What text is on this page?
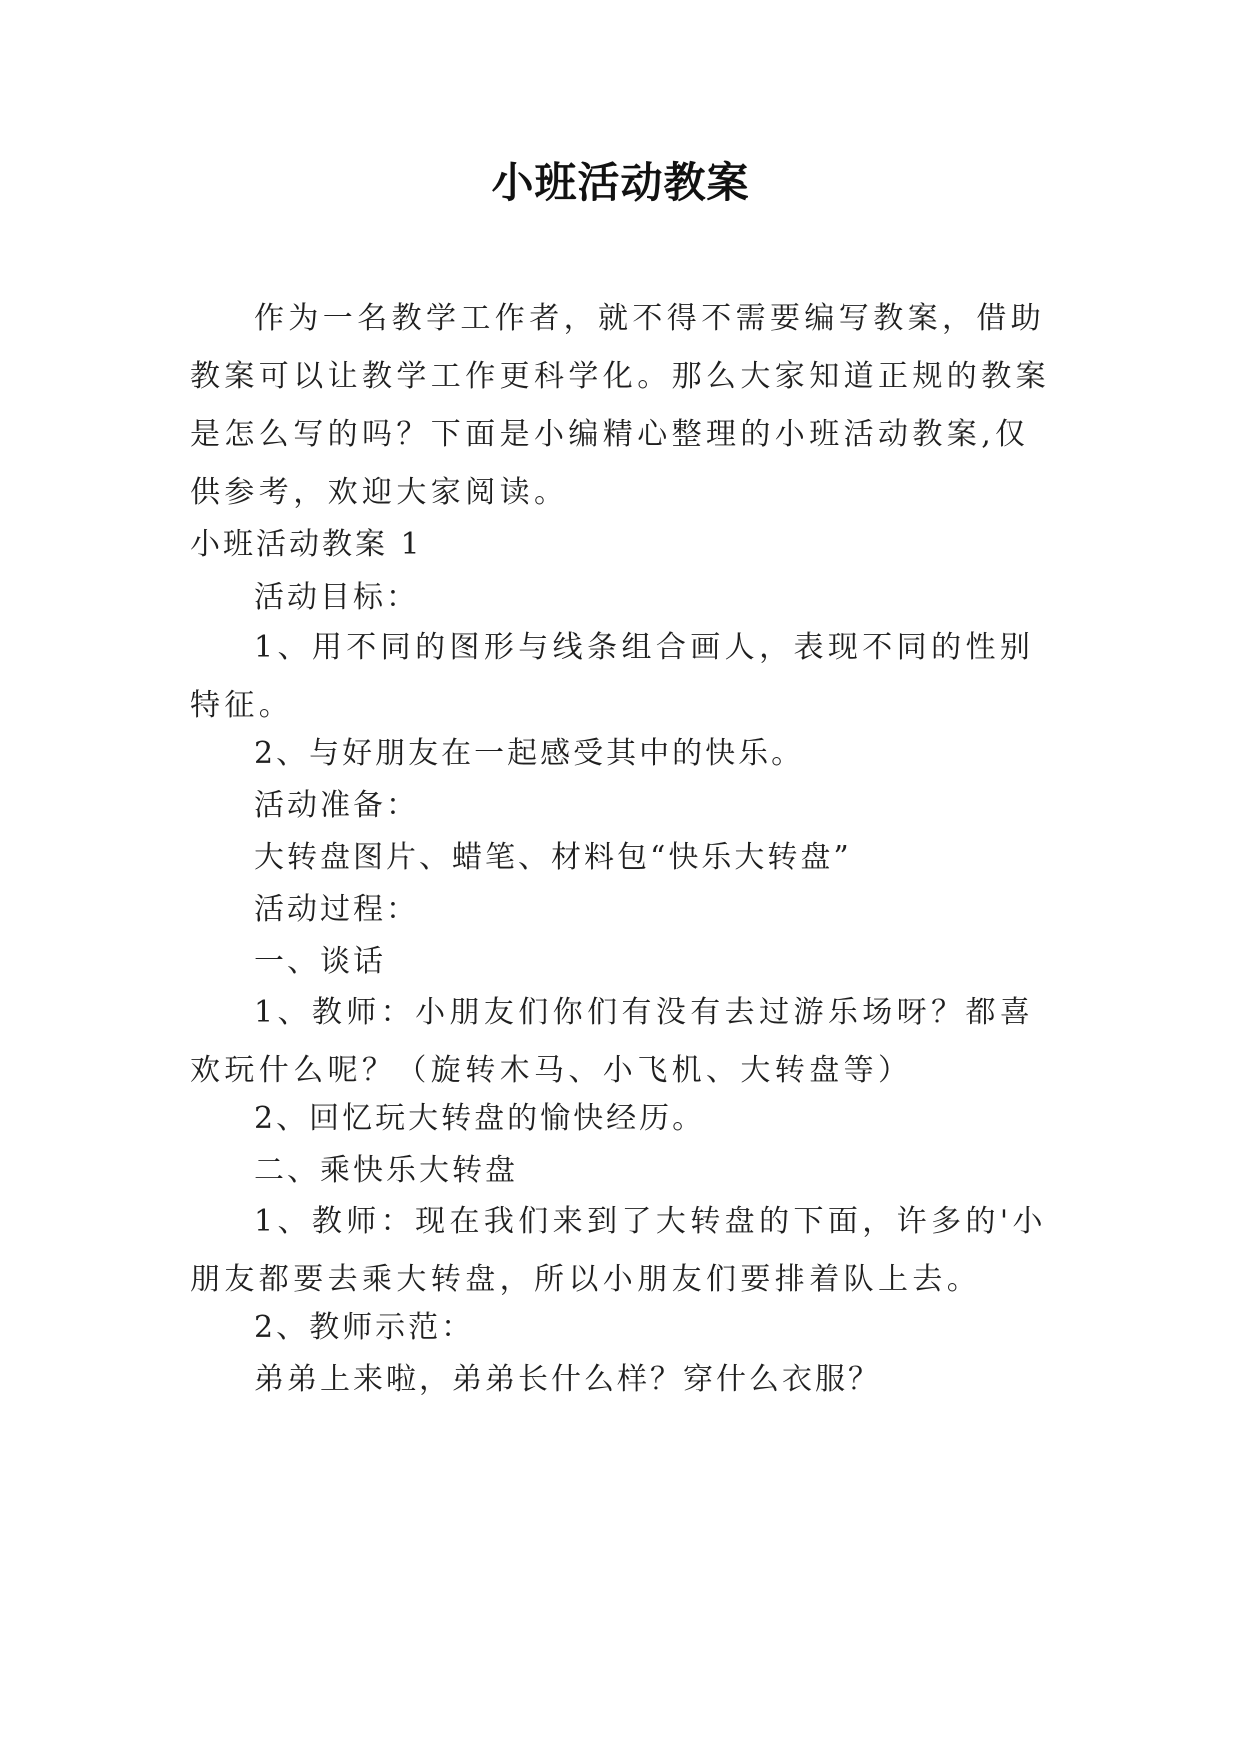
小班活动教案
作为一名教学工作者，就不得不需要编写教案，借助教案可以让教学工作更科学化。那么大家知道正规的教案是怎么写的吗？下面是小编精心整理的小班活动教案,仅供参考，欢迎大家阅读。
小班活动教案 1
活动目标：
1、用不同的图形与线条组合画人，表现不同的性别特征。
2、与好朋友在一起感受其中的快乐。
活动准备：
大转盘图片、蜡笔、材料包“快乐大转盘”
活动过程：
一、谈话
1、教师：小朋友们你们有没有去过游乐场呀？都喜欢玩什么呢？（旋转木马、小飞机、大转盘等）
2、回忆玩大转盘的愉快经历。
二、乘快乐大转盘
1、教师：现在我们来到了大转盘的下面，许多的'小朋友都要去乘大转盘，所以小朋友们要排着队上去。
2、教师示范：
弟弟上来啦，弟弟长什么样？穿什么衣服？
